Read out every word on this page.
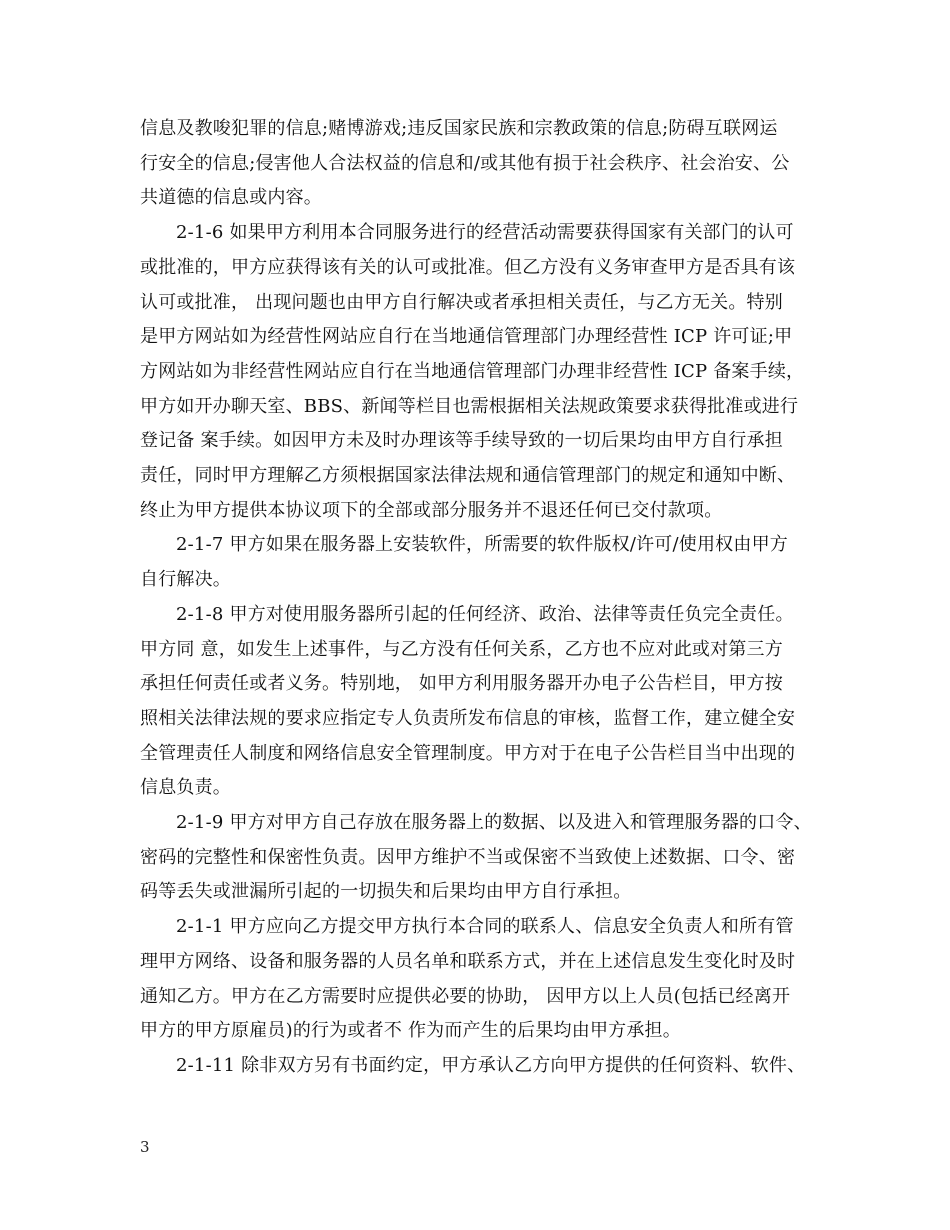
信息及教唆犯罪的信息;赌博游戏;违反国家民族和宗教政策的信息;防碍互联网运
行安全的信息;侵害他人合法权益的信息和/或其他有损于社会秩序、社会治安、公
共道德的信息或内容。

2-1-6 如果甲方利用本合同服务进行的经营活动需要获得国家有关部门的认可
或批准的，甲方应获得该有关的认可或批准。但乙方没有义务审查甲方是否具有该
认可或批准， 出现问题也由甲方自行解决或者承担相关责任，与乙方无关。特别
是甲方网站如为经营性网站应自行在当地通信管理部门办理经营性 ICP 许可证;甲
方网站如为非经营性网站应自行在当地通信管理部门办理非经营性 ICP 备案手续，
甲方如开办聊天室、BBS、新闻等栏目也需根据相关法规政策要求获得批准或进行
登记备 案手续。如因甲方未及时办理该等手续导致的一切后果均由甲方自行承担
责任，同时甲方理解乙方须根据国家法律法规和通信管理部门的规定和通知中断、
终止为甲方提供本协议项下的全部或部分服务并不退还任何已交付款项。

2-1-7 甲方如果在服务器上安装软件，所需要的软件版权/许可/使用权由甲方
自行解决。

2-1-8 甲方对使用服务器所引起的任何经济、政治、法律等责任负完全责任。
甲方同 意，如发生上述事件，与乙方没有任何关系，乙方也不应对此或对第三方
承担任何责任或者义务。特别地， 如甲方利用服务器开办电子公告栏目，甲方按
照相关法律法规的要求应指定专人负责所发布信息的审核，监督工作，建立健全安
全管理责任人制度和网络信息安全管理制度。甲方对于在电子公告栏目当中出现的
信息负责。

2-1-9 甲方对甲方自己存放在服务器上的数据、以及进入和管理服务器的口令、
密码的完整性和保密性负责。因甲方维护不当或保密不当致使上述数据、口令、密
码等丢失或泄漏所引起的一切损失和后果均由甲方自行承担。

2-1-1 甲方应向乙方提交甲方执行本合同的联系人、信息安全负责人和所有管
理甲方网络、设备和服务器的人员名单和联系方式，并在上述信息发生变化时及时
通知乙方。甲方在乙方需要时应提供必要的协助， 因甲方以上人员(包括已经离开
甲方的甲方原雇员)的行为或者不 作为而产生的后果均由甲方承担。

2-1-11 除非双方另有书面约定，甲方承认乙方向甲方提供的任何资料、软件、

3
